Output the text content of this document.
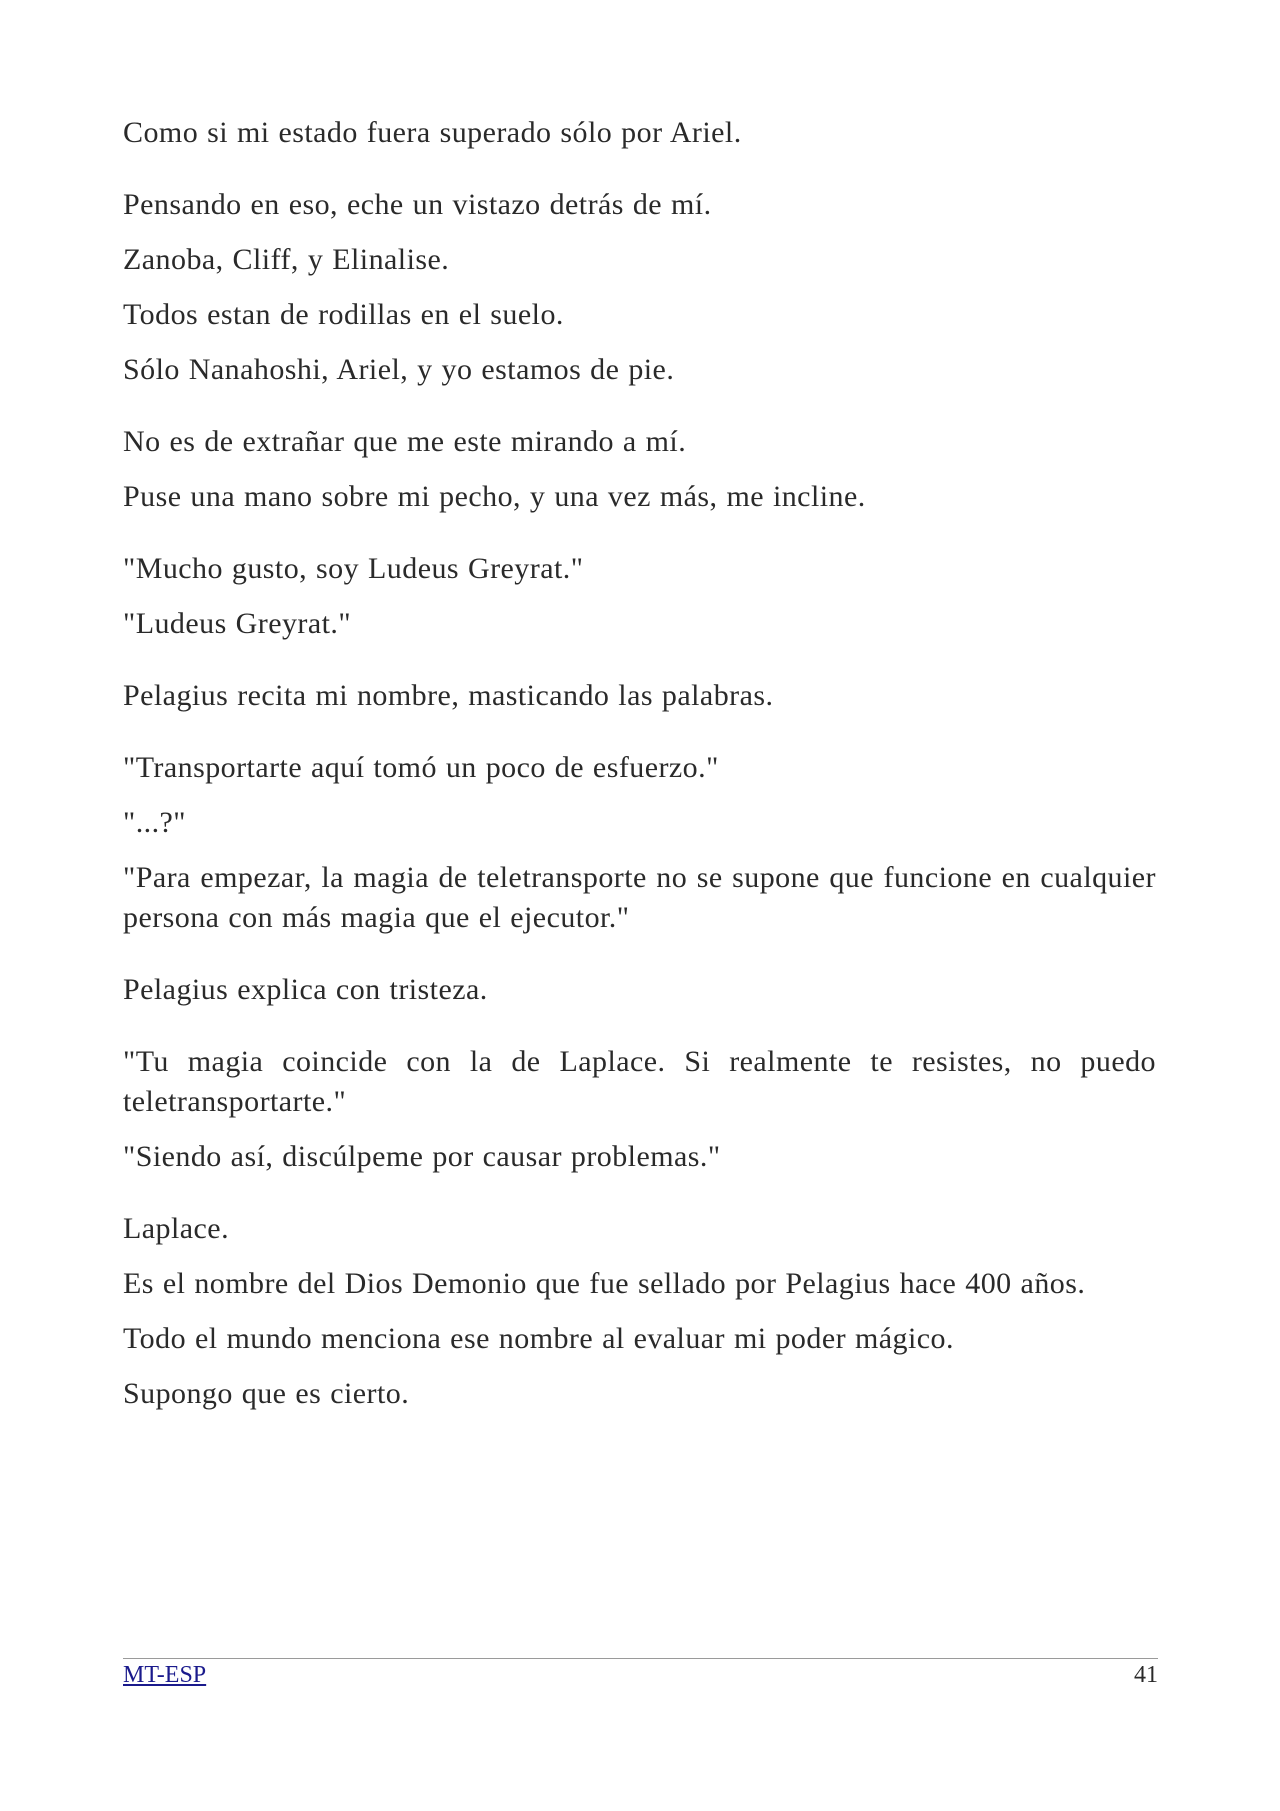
Como si mi estado fuera superado sólo por Ariel.

Pensando en eso, eche un vistazo detrás de mí.

Zanoba, Cliff, y Elinalise.

Todos estan de rodillas en el suelo.

Sólo Nanahoshi, Ariel, y yo estamos de pie.

No es de extrañar que me este mirando a mí.

Puse una mano sobre mi pecho, y una vez más, me incline.

"Mucho gusto, soy Ludeus Greyrat."

"Ludeus Greyrat."

Pelagius recita mi nombre, masticando las palabras.

"Transportarte aquí tomó un poco de esfuerzo."

"...?"

"Para empezar, la magia de teletransporte no se supone que funcione en cualquier persona con más magia que el ejecutor."

Pelagius explica con tristeza.

"Tu magia coincide con la de Laplace. Si realmente te resistes, no puedo teletransportarte."

"Siendo así, discúlpeme por causar problemas."

Laplace.

Es el nombre del Dios Demonio que fue sellado por Pelagius hace 400 años.

Todo el mundo menciona ese nombre al evaluar mi poder mágico.

Supongo que es cierto.

MT-ESP	41
